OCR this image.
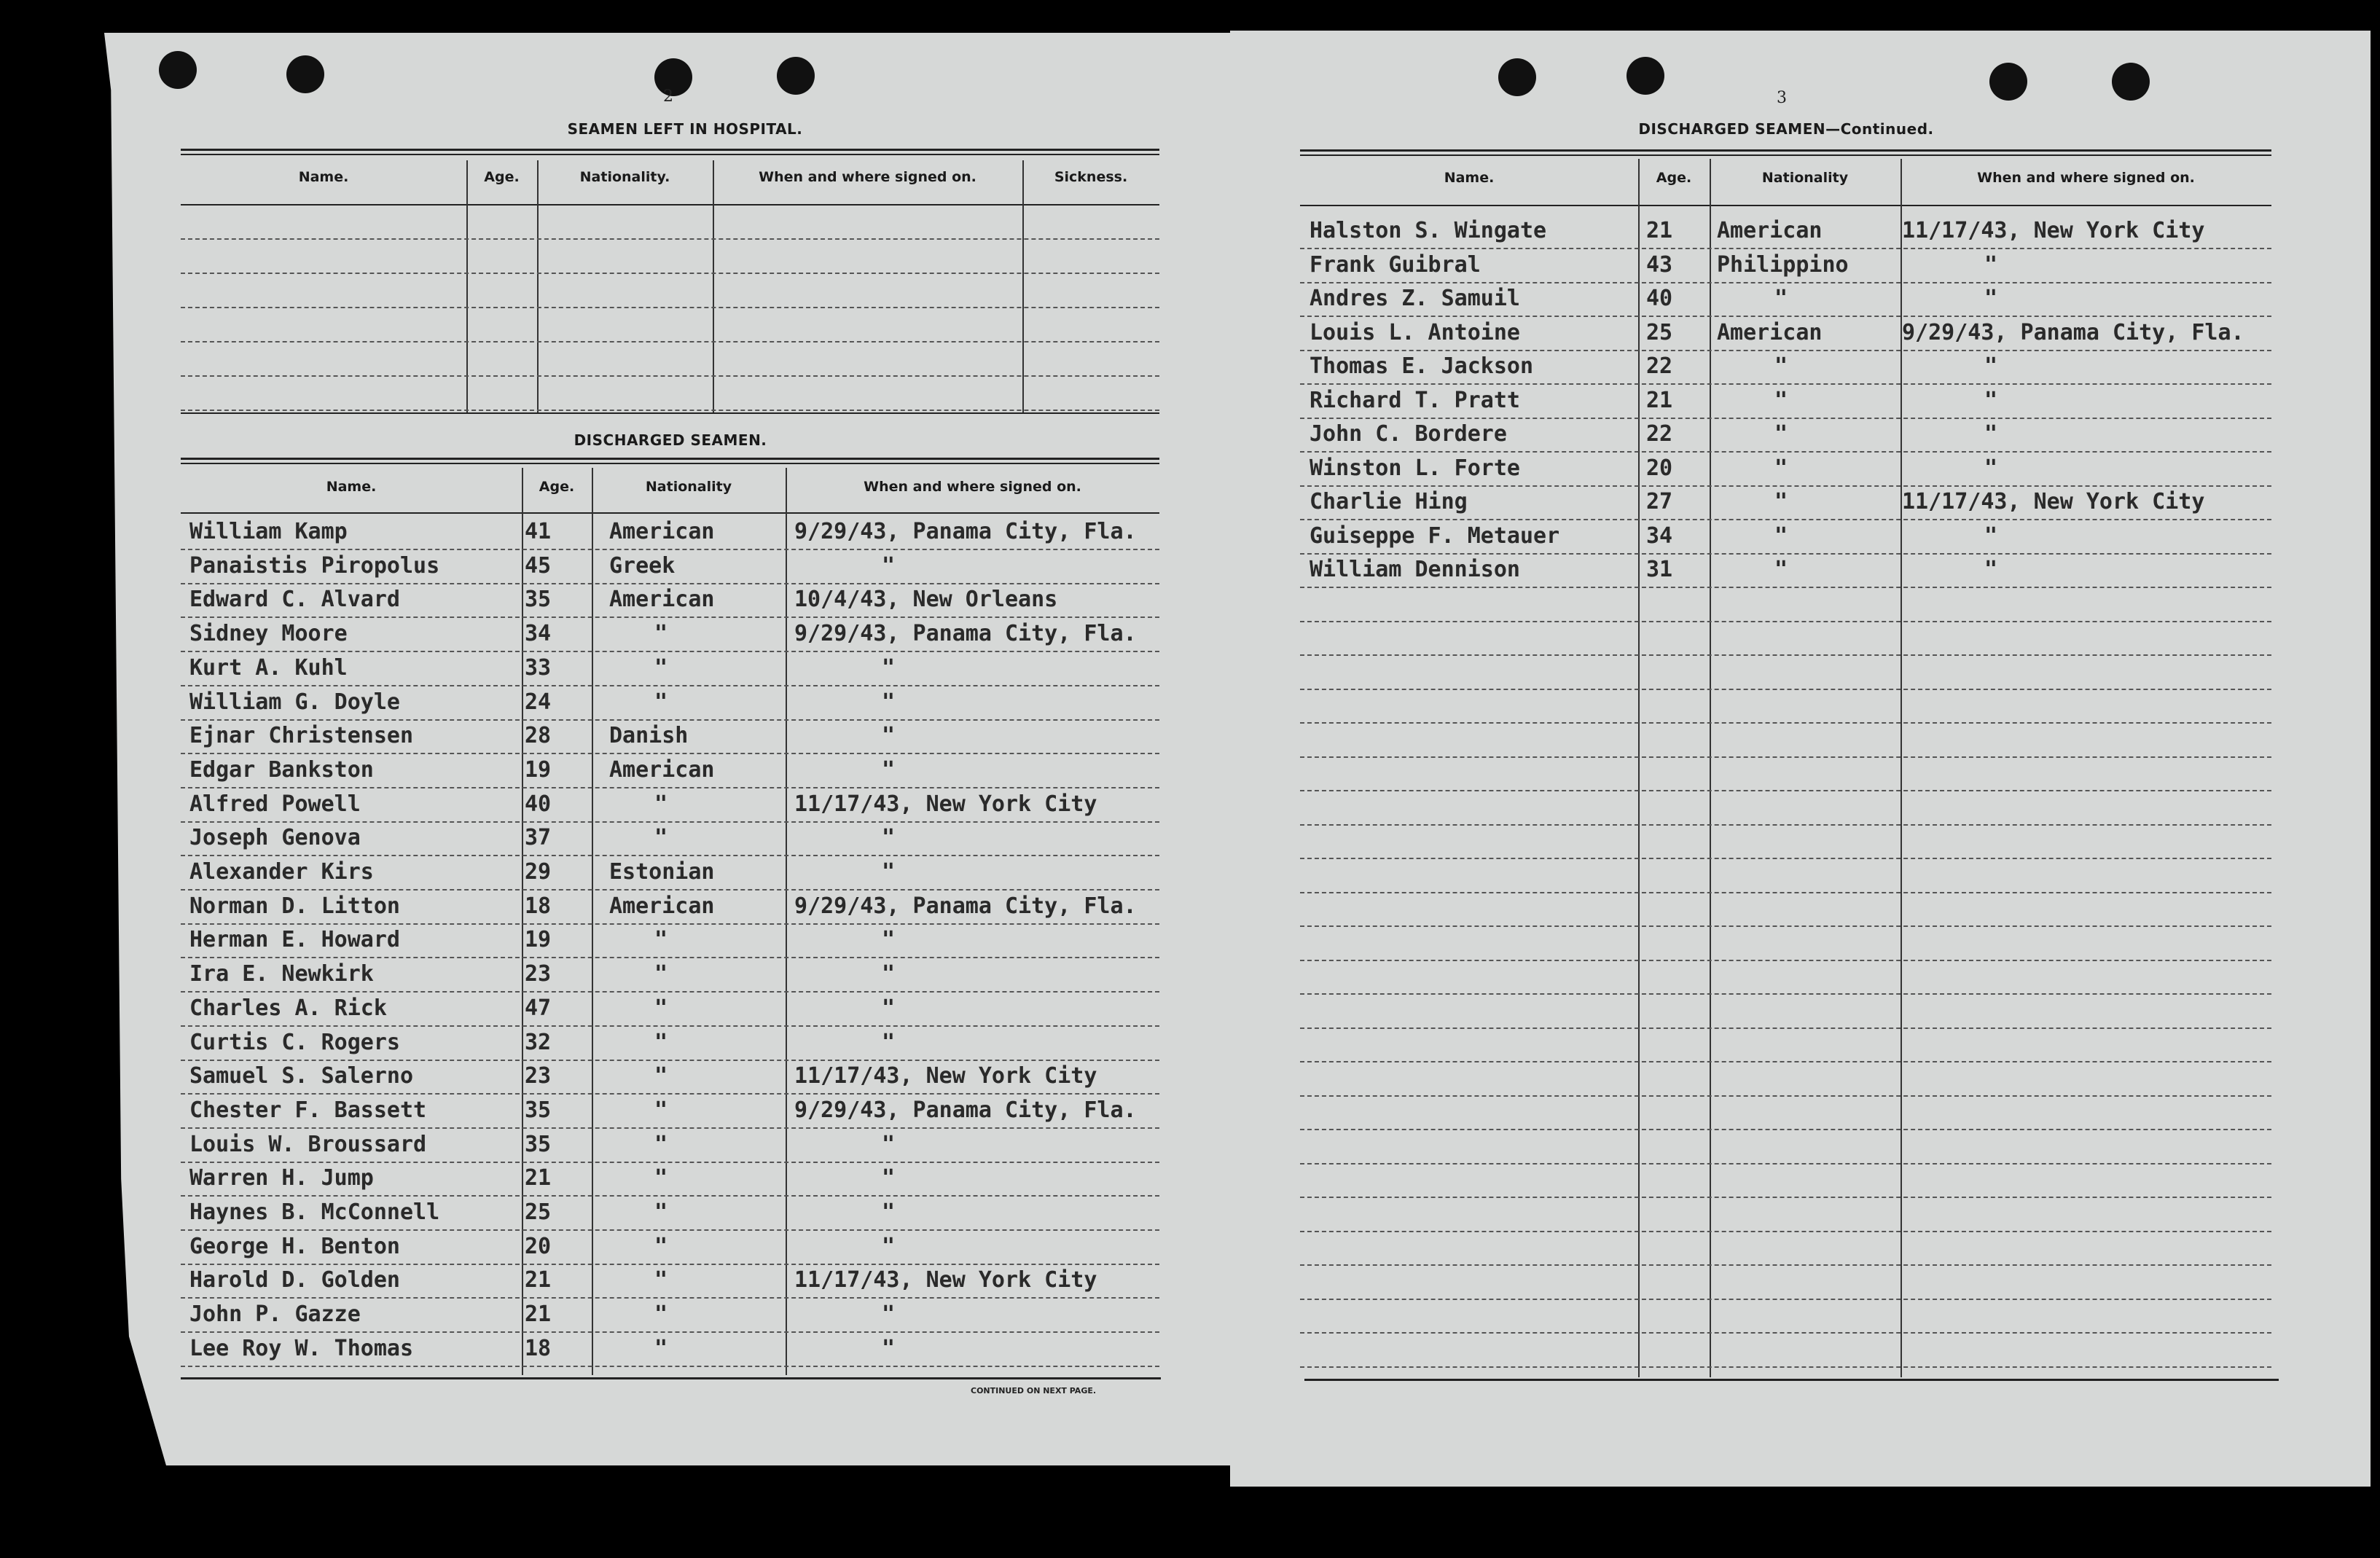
2
SEAMEN LEFT IN HOSPITAL.
Name.	Age.	Nationality.	When and where signed on.	Sickness.
DISCHARGED SEAMEN.
Name.	Age.	Nationality	When and where signed on.
William Kamp	41	American	9/29/43, Panama City, Fla.
Panaistis Piropolus	45	Greek	"
Edward C. Alvard	35	American	10/4/43, New Orleans
Sidney Moore	34	"	9/29/43, Panama City, Fla.
Kurt A. Kuhl	33	"	"
William G. Doyle	24	"	"
Ejnar Christensen	28	Danish	"
Edgar Bankston	19	American	"
Alfred Powell	40	"	11/17/43, New York City
Joseph Genova	37	"	"
Alexander Kirs	29	Estonian	"
Norman D. Litton	18	American	9/29/43, Panama City, Fla.
Herman E. Howard	19	"	"
Ira E. Newkirk	23	"	"
Charles A. Rick	47	"	"
Curtis C. Rogers	32	"	"
Samuel S. Salerno	23	"	11/17/43, New York City
Chester F. Bassett	35	"	9/29/43, Panama City, Fla.
Louis W. Broussard	35	"	"
Warren H. Jump	21	"	"
Haynes B. McConnell	25	"	"
George H. Benton	20	"	"
Harold D. Golden	21	"	11/17/43, New York City
John P. Gazze	21	"	"
Lee Roy W. Thomas	18	"	"
CONTINUED ON NEXT PAGE.
3
DISCHARGED SEAMEN—Continued.
Name.	Age.	Nationality	When and where signed on.
Halston S. Wingate	21	American	11/17/43, New York City
Frank Guibral	43	Philippino	"
Andres Z. Samuil	40	"	"
Louis L. Antoine	25	American	9/29/43, Panama City, Fla.
Thomas E. Jackson	22	"	"
Richard T. Pratt	21	"	"
John C. Bordere	22	"	"
Winston L. Forte	20	"	"
Charlie Hing	27	"	11/17/43, New York City
Guiseppe F. Metauer	34	"	"
William Dennison	31	"	"
